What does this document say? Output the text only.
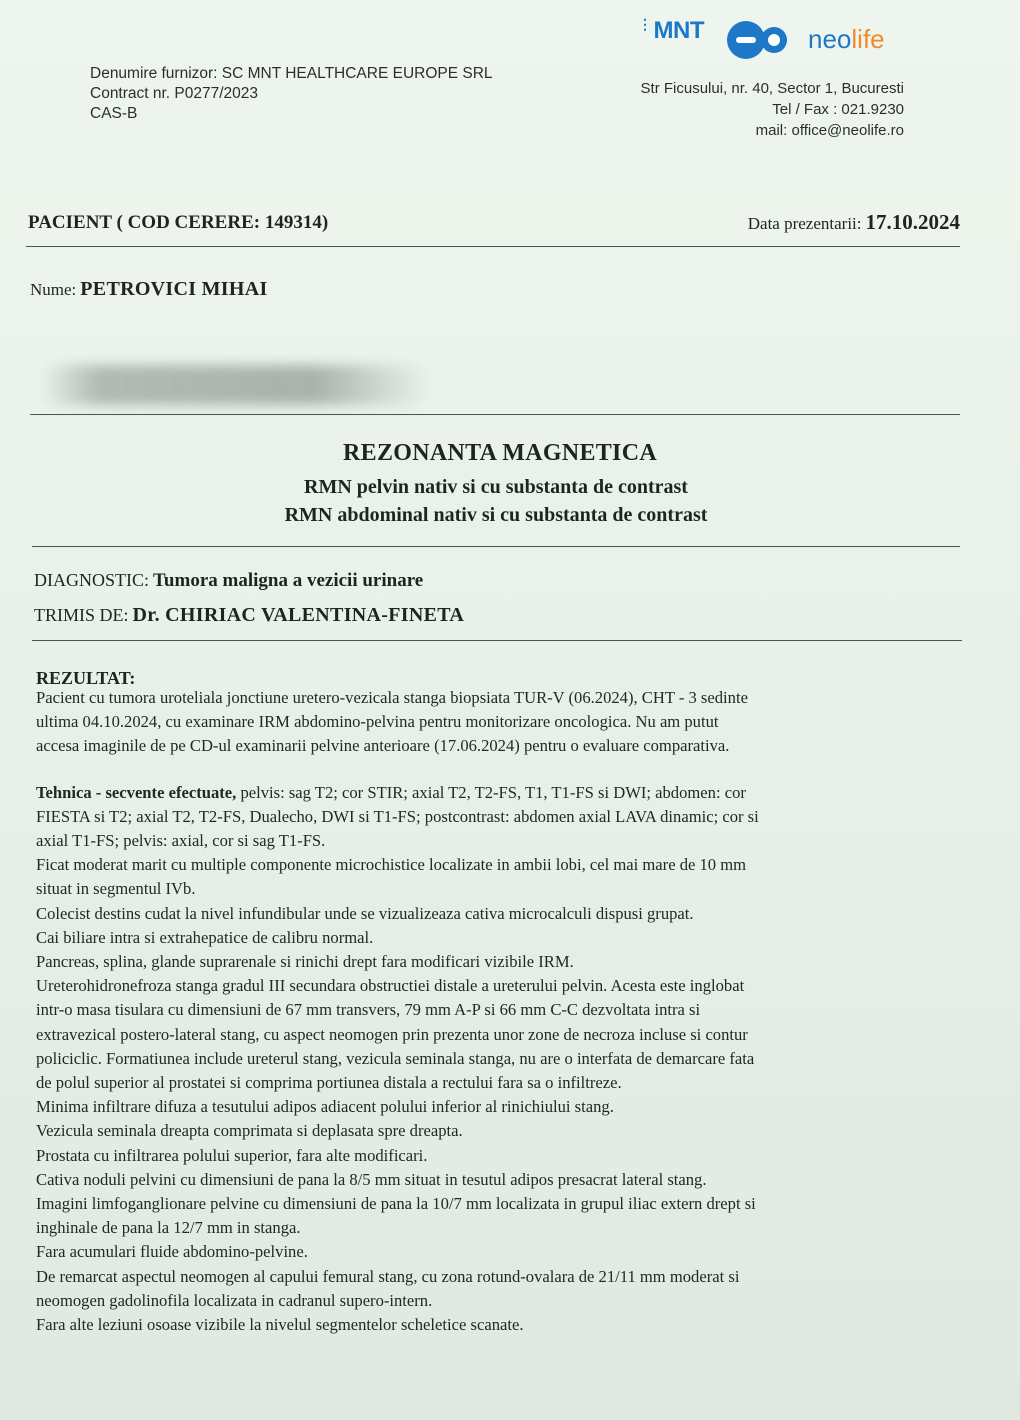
Denumire furnizor: SC MNT HEALTHCARE EUROPE SRL
Contract nr. P0277/2023
CAS-B
⋮MNT	neolife
Str Ficusului, nr. 40, Sector 1, Bucuresti
Tel / Fax : 021.9230
mail: office@neolife.ro
PACIENT ( COD CERERE: 149314)	Data prezentarii: 17.10.2024
Nume: PETROVICI MIHAI
REZONANTA MAGNETICA
RMN pelvin nativ si cu substanta de contrast
RMN abdominal nativ si cu substanta de contrast
DIAGNOSTIC: Tumora maligna a vezicii urinare
TRIMIS DE: Dr. CHIRIAC VALENTINA-FINETA
REZULTAT:

Pacient cu tumora uroteliala jonctiune uretero-vezicala stanga biopsiata TUR-V (06.2024), CHT - 3 sedinte

ultima 04.10.2024, cu examinare IRM abdomino-pelvina pentru monitorizare oncologica. Nu am putut

accesa imaginile de pe CD-ul examinarii pelvine anterioare (17.06.2024) pentru o evaluare comparativa.

Tehnica - secvente efectuate, pelvis: sag T2; cor STIR; axial T2, T2-FS, T1, T1-FS si DWI; abdomen: cor

FIESTA si T2; axial T2, T2-FS, Dualecho, DWI si T1-FS; postcontrast: abdomen axial LAVA dinamic; cor si

axial T1-FS; pelvis: axial, cor si sag T1-FS.

Ficat moderat marit cu multiple componente microchistice localizate in ambii lobi, cel mai mare de 10 mm

situat in segmentul IVb.

Colecist destins cudat la nivel infundibular unde se vizualizeaza cativa microcalculi dispusi grupat.

Cai biliare intra si extrahepatice de calibru normal.

Pancreas, splina, glande suprarenale si rinichi drept fara modificari vizibile IRM.

Ureterohidronefroza stanga gradul III secundara obstructiei distale a ureterului pelvin. Acesta este inglobat

intr-o masa tisulara cu dimensiuni de 67 mm transvers, 79 mm A-P si 66 mm C-C dezvoltata intra si

extravezical postero-lateral stang, cu aspect neomogen prin prezenta unor zone de necroza incluse si contur

policiclic. Formatiunea include ureterul stang, vezicula seminala stanga, nu are o interfata de demarcare fata

de polul superior al prostatei si comprima portiunea distala a rectului fara sa o infiltreze.

Minima infiltrare difuza a tesutului adipos adiacent polului inferior al rinichiului stang.

Vezicula seminala dreapta comprimata si deplasata spre dreapta.

Prostata cu infiltrarea polului superior, fara alte modificari.

Cativa noduli pelvini cu dimensiuni de pana la 8/5 mm situat in tesutul adipos presacrat lateral stang.

Imagini limfoganglionare pelvine cu dimensiuni de pana la 10/7 mm localizata in grupul iliac extern drept si

inghinale de pana la 12/7 mm in stanga.

Fara acumulari fluide abdomino-pelvine.

De remarcat aspectul neomogen al capului femural stang, cu zona rotund-ovalara de 21/11 mm moderat si

neomogen gadolinofila localizata in cadranul supero-intern.

Fara alte leziuni osoase vizibile la nivelul segmentelor scheletice scanate.
